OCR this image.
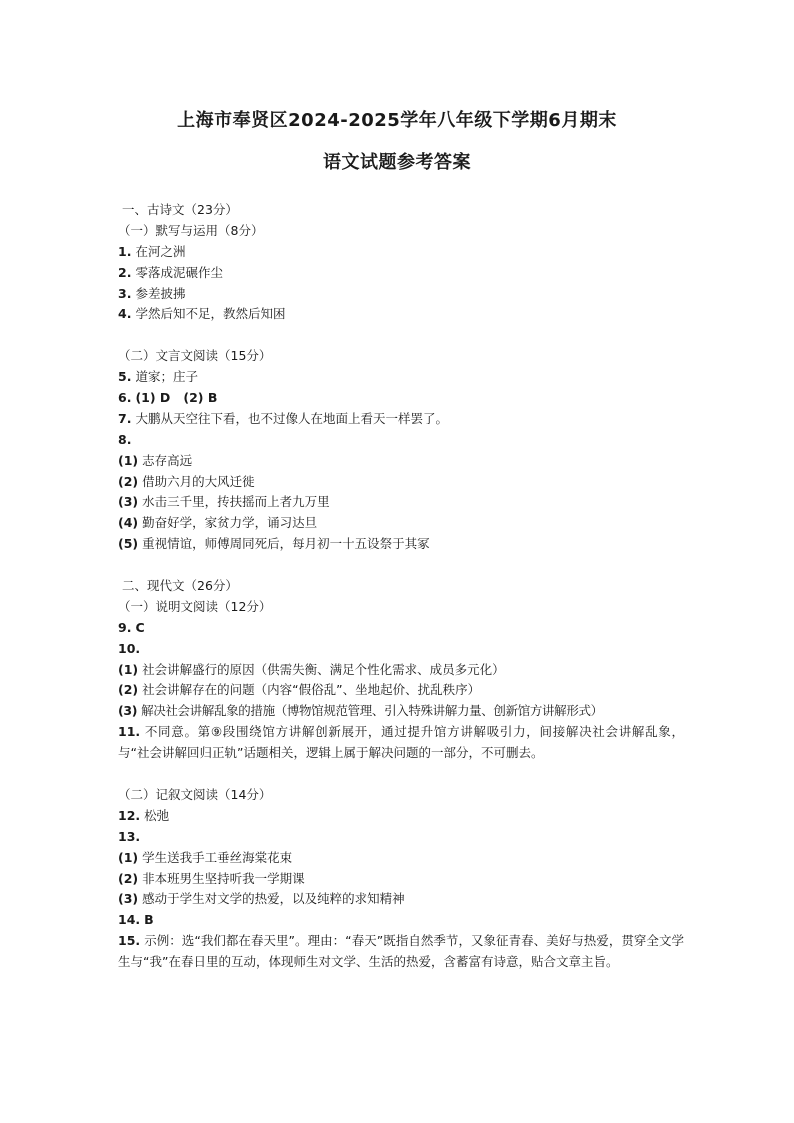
上海市奉贤区2024-2025学年八年级下学期6月期末
语文试题参考答案
一、古诗文（23分）
（一）默写与运用（8分）
1. 在河之洲
2. 零落成泥碾作尘
3. 参差披拂
4. 学然后知不足，教然后知困
（二）文言文阅读（15分）
5. 道家；庄子
6. (1) D   (2) B
7. 大鹏从天空往下看，也不过像人在地面上看天一样罢了。
8.
(1) 志存高远
(2) 借助六月的大风迁徙
(3) 水击三千里，抟扶摇而上者九万里
(4) 勤奋好学，家贫力学，诵习达旦
(5) 重视情谊，师傅周同死后，每月初一十五设祭于其冢
二、现代文（26分）
（一）说明文阅读（12分）
9. C
10.
(1) 社会讲解盛行的原因（供需失衡、满足个性化需求、成员多元化）
(2) 社会讲解存在的问题（内容“假俗乱”、坐地起价、扰乱秩序）
(3) 解决社会讲解乱象的措施（博物馆规范管理、引入特殊讲解力量、创新馆方讲解形式）
11. 不同意。第⑨段围绕馆方讲解创新展开，通过提升馆方讲解吸引力，间接解决社会讲解乱象，与“社会讲解回归正轨”话题相关，逻辑上属于解决问题的一部分，不可删去。
（二）记叙文阅读（14分）
12. 松弛
13.
(1) 学生送我手工垂丝海棠花束
(2) 非本班男生坚持听我一学期课
(3) 感动于学生对文学的热爱，以及纯粹的求知精神
14. B
15. 示例：选“我们都在春天里”。理由：“春天”既指自然季节，又象征青春、美好与热爱，贯穿全文学生与“我”在春日里的互动，体现师生对文学、生活的热爱，含蓄富有诗意，贴合文章主旨。
